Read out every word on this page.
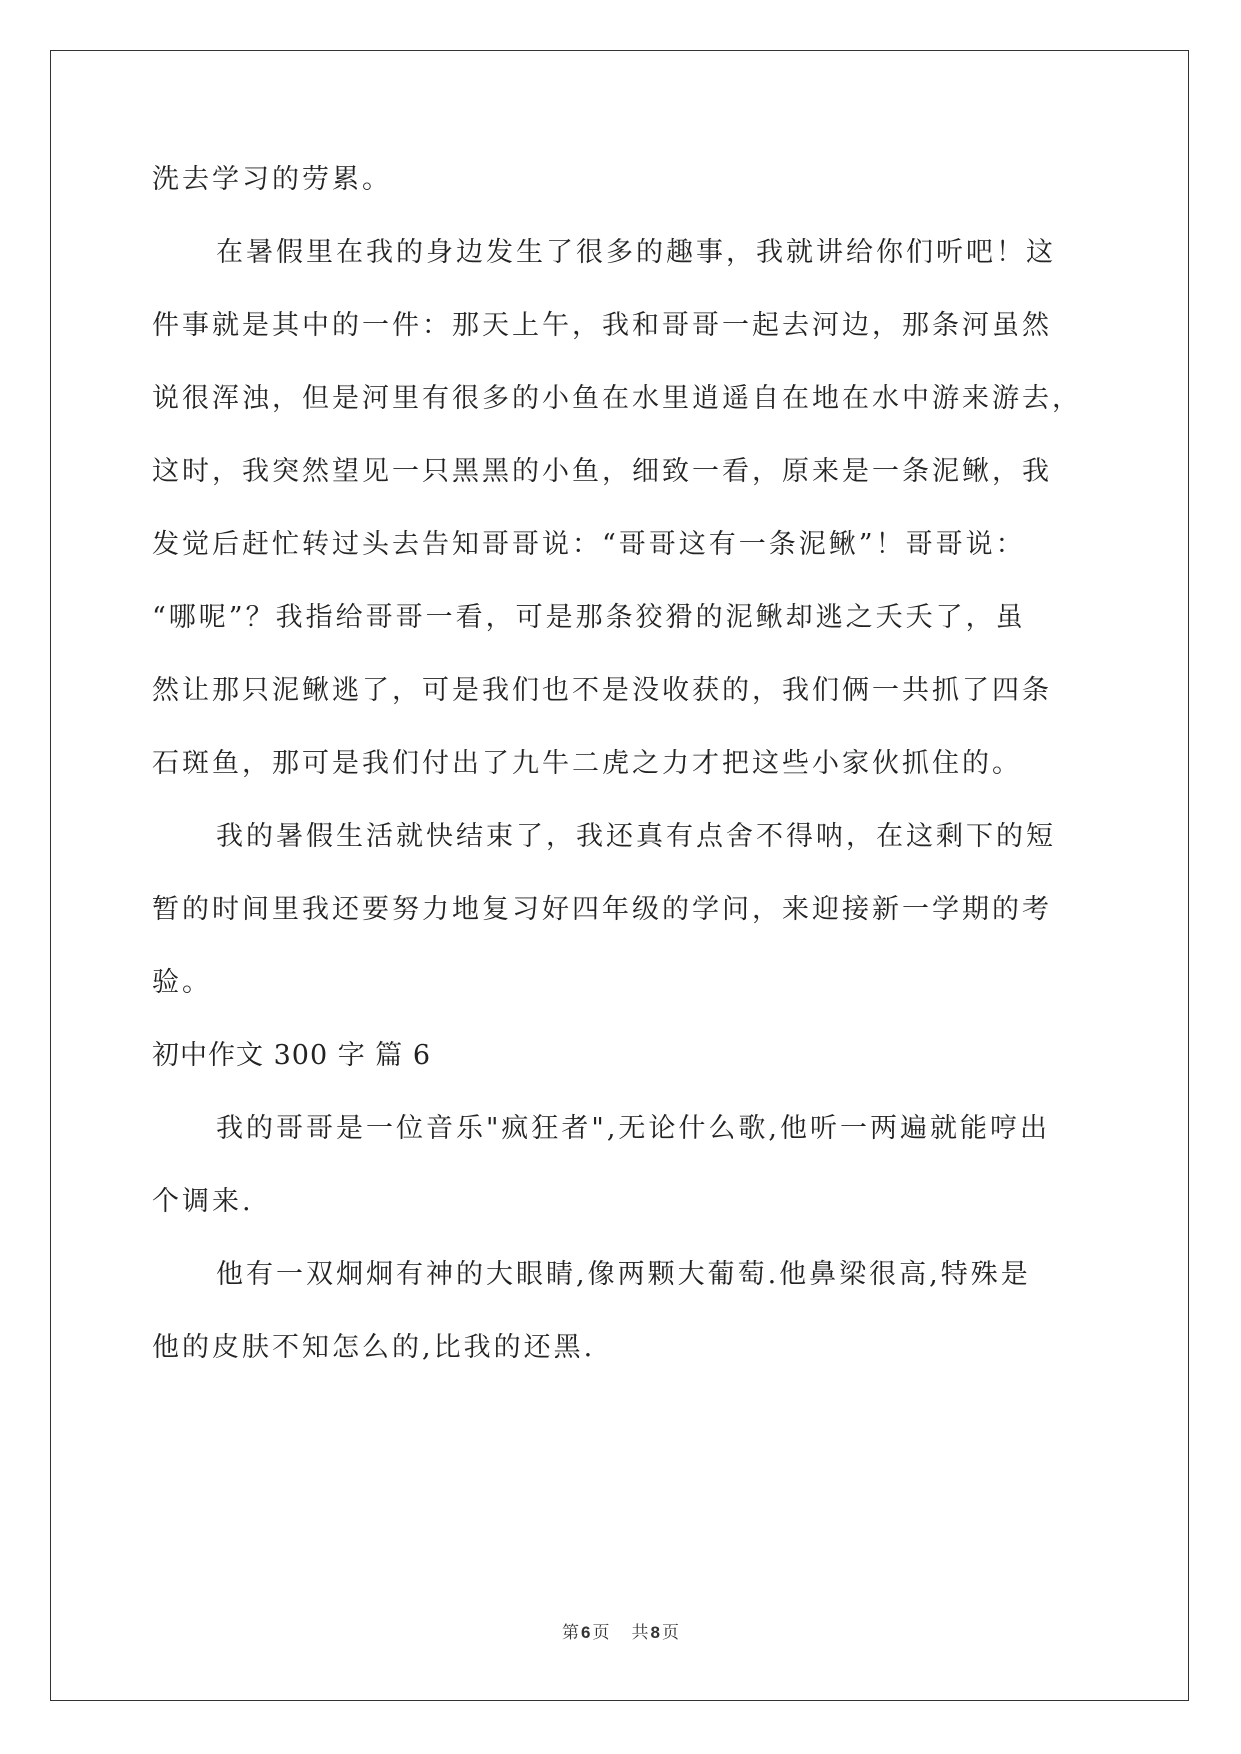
洗去学习的劳累。
在暑假里在我的身边发生了很多的趣事，我就讲给你们听吧！这
件事就是其中的一件：那天上午，我和哥哥一起去河边，那条河虽然
说很浑浊，但是河里有很多的小鱼在水里逍遥自在地在水中游来游去，
这时，我突然望见一只黑黑的小鱼，细致一看，原来是一条泥鳅，我
发觉后赶忙转过头去告知哥哥说：“哥哥这有一条泥鳅”！哥哥说：
“哪呢”？我指给哥哥一看，可是那条狡猾的泥鳅却逃之夭夭了，虽
然让那只泥鳅逃了，可是我们也不是没收获的，我们俩一共抓了四条
石斑鱼，那可是我们付出了九牛二虎之力才把这些小家伙抓住的。
我的暑假生活就快结束了，我还真有点舍不得呐，在这剩下的短
暂的时间里我还要努力地复习好四年级的学问，来迎接新一学期的考
验。
初中作文 300 字 篇 6
我的哥哥是一位音乐"疯狂者",无论什么歌,他听一两遍就能哼出
个调来.
他有一双炯炯有神的大眼睛,像两颗大葡萄.他鼻梁很高,特殊是
他的皮肤不知怎么的,比我的还黑.
第 6 页 共 8 页
